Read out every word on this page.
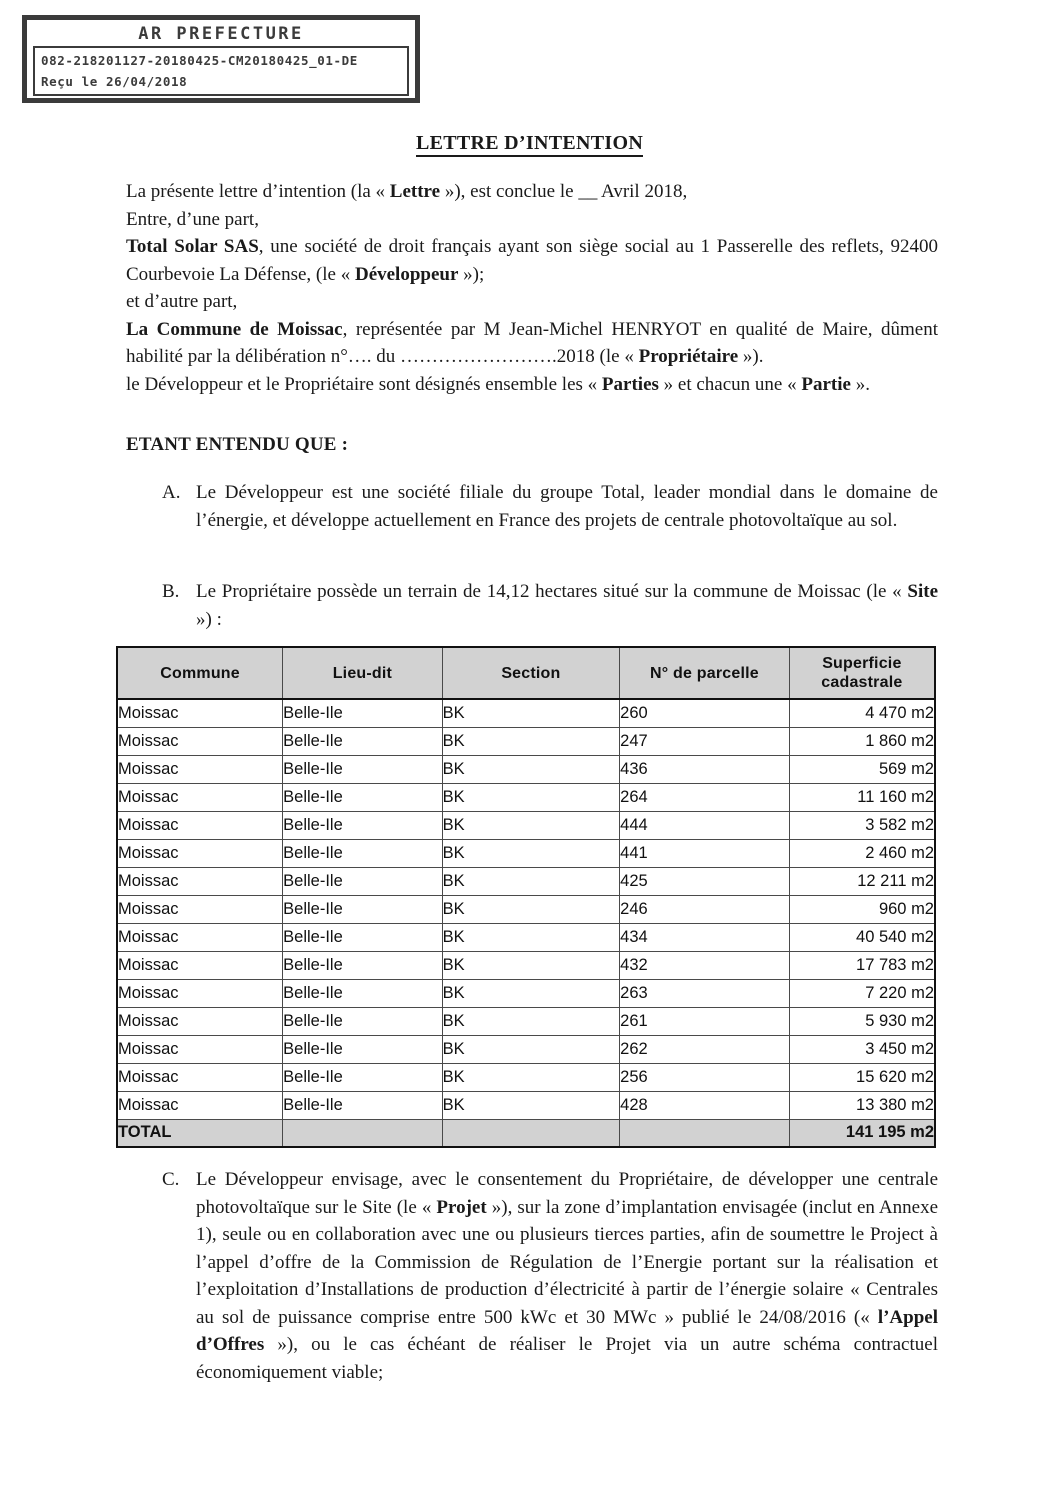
AR PREFECTURE
082-218201127-20180425-CM20180425_01-DE
Reçu le 26/04/2018
LETTRE D’INTENTION
La présente lettre d’intention (la « Lettre »), est conclue le __ Avril 2018,
Entre, d’une part,
Total Solar SAS, une société de droit français ayant son siège social au 1 Passerelle des reflets, 92400 Courbevoie La Défense, (le « Développeur »);
et d’autre part,
La Commune de Moissac, représentée par M Jean-Michel HENRYOT en qualité de Maire, dûment habilité par la délibération n°…. du …………………….2018 (le « Propriétaire »).
le Développeur et le Propriétaire sont désignés ensemble les « Parties » et chacun une « Partie ».
ETANT ENTENDU QUE :
A. Le Développeur est une société filiale du groupe Total, leader mondial dans le domaine de l’énergie, et développe actuellement en France des projets de centrale photovoltaïque au sol.
B. Le Propriétaire possède un terrain de 14,12 hectares situé sur la commune de Moissac (le « Site ») :
Commune	Lieu-dit	Section	N° de parcelle	Superficie cadastrale
Moissac	Belle-Ile	BK	260	4 470 m2
Moissac	Belle-Ile	BK	247	1 860 m2
Moissac	Belle-Ile	BK	436	569 m2
Moissac	Belle-Ile	BK	264	11 160 m2
Moissac	Belle-Ile	BK	444	3 582 m2
Moissac	Belle-Ile	BK	441	2 460 m2
Moissac	Belle-Ile	BK	425	12 211 m2
Moissac	Belle-Ile	BK	246	960 m2
Moissac	Belle-Ile	BK	434	40 540 m2
Moissac	Belle-Ile	BK	432	17 783 m2
Moissac	Belle-Ile	BK	263	7 220 m2
Moissac	Belle-Ile	BK	261	5 930 m2
Moissac	Belle-Ile	BK	262	3 450 m2
Moissac	Belle-Ile	BK	256	15 620 m2
Moissac	Belle-Ile	BK	428	13 380 m2
TOTAL				141 195 m2
C. Le Développeur envisage, avec le consentement du Propriétaire, de développer une centrale photovoltaïque sur le Site (le « Projet »), sur la zone d’implantation envisagée (inclut en Annexe 1), seule ou en collaboration avec une ou plusieurs tierces parties, afin de soumettre le Project à l’appel d’offre de la Commission de Régulation de l’Energie portant sur la réalisation et l’exploitation d’Installations de production d’électricité à partir de l’énergie solaire « Centrales au sol de puissance comprise entre 500 kWc et 30 MWc » publié le 24/08/2016 (« l’Appel d’Offres »), ou le cas échéant de réaliser le Projet via un autre schéma contractuel économiquement viable;
